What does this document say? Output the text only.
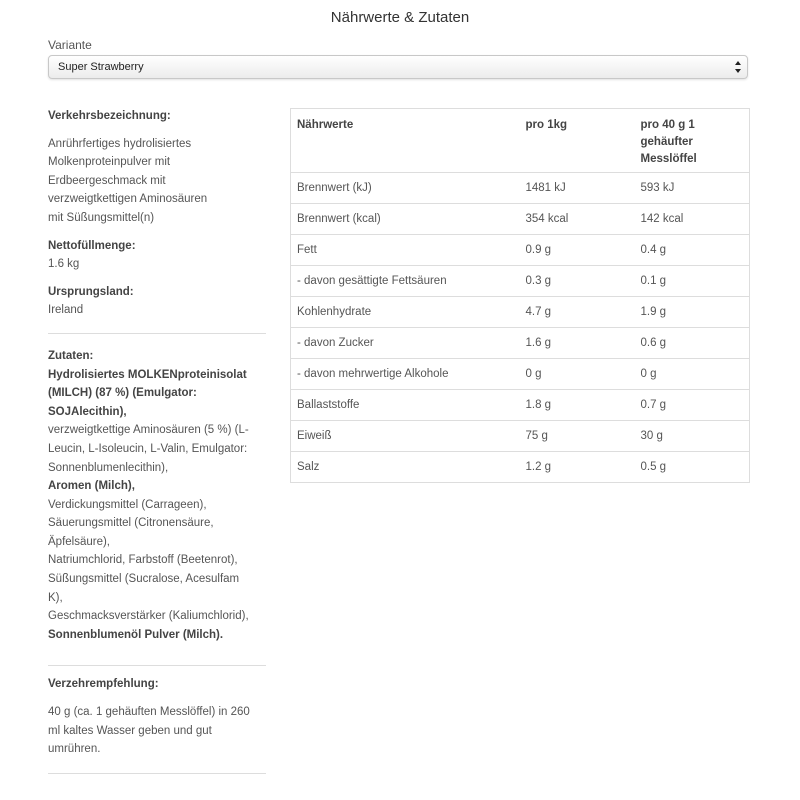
Nährwerte & Zutaten
Variante
Super Strawberry

Verkehrsbezeichnung:

Anrührfertiges hydrolisiertes

Molkenproteinpulver mit

Erdbeergeschmack mit

verzweigtkettigen Aminosäuren

mit Süßungsmittel(n)

Nettofüllmenge:

1.6 kg

Ursprungsland:

Ireland

Zutaten:

Hydrolisiertes MOLKENproteinisolat

(MILCH) (87 %) (Emulgator:

SOJAlecithin),

verzweigtkettige Aminosäuren (5 %) (L-

Leucin, L-Isoleucin, L-Valin, Emulgator:

Sonnenblumenlecithin),

Aromen (Milch),

Verdickungsmittel (Carrageen),

Säuerungsmittel (Citronensäure,

Äpfelsäure),

Natriumchlorid, Farbstoff (Beetenrot),

Süßungsmittel (Sucralose, Acesulfam

K),

Geschmacksverstärker (Kaliumchlorid),

Sonnenblumenöl Pulver (Milch).

Verzehrempfehlung:

40 g (ca. 1 gehäuften Messlöffel) in 260

ml kaltes Wasser geben und gut

umrühren.

Nährwerte	pro 1kg	pro 40 g 1 gehäufter Messlöffel
Brennwert (kJ)	1481 kJ	593 kJ
Brennwert (kcal)	354 kcal	142 kcal
Fett	0.9 g	0.4 g
- davon gesättigte Fettsäuren	0.3 g	0.1 g
Kohlenhydrate	4.7 g	1.9 g
- davon Zucker	1.6 g	0.6 g
- davon mehrwertige Alkohole	0 g	0 g
Ballaststoffe	1.8 g	0.7 g
Eiweiß	75 g	30 g
Salz	1.2 g	0.5 g
